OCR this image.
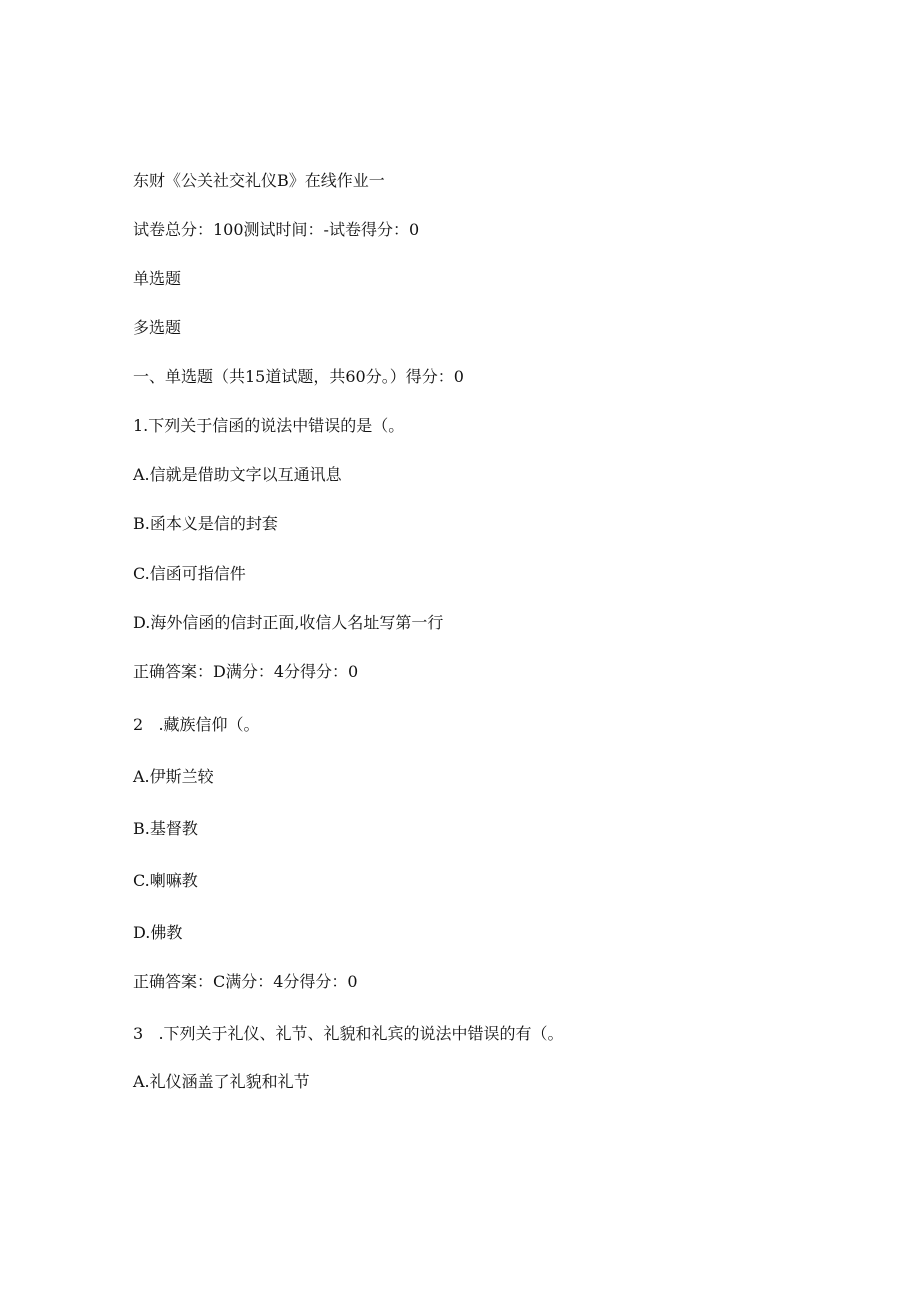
东财《公关社交礼仪B》在线作业一
试卷总分：100测试时间：-试卷得分：0
单选题
多选题
一、单选题（共15道试题，共60分。）得分：0
1.下列关于信函的说法中错误的是（。
A.信就是借助文字以互通讯息
B.函本义是信的封套
C.信函可指信件
D.海外信函的信封正面,收信人名址写第一行
正确答案：D满分：4分得分：0
2   .藏族信仰（。
A.伊斯兰较
B.基督教
C.喇嘛教
D.佛教
正确答案：C满分：4分得分：0
3   .下列关于礼仪、礼节、礼貌和礼宾的说法中错误的有（。
A.礼仪涵盖了礼貌和礼节
